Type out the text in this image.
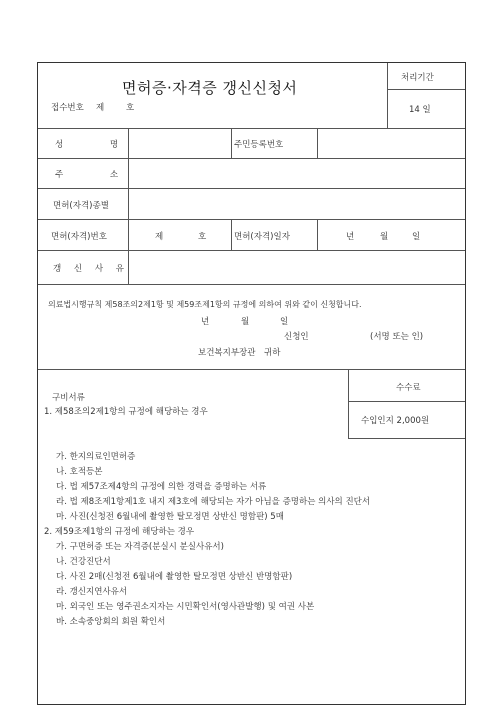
면허증·자격증 갱신신청서
접수번호 제	호
처리기간
14 일
성 명	주민등록번호
주 소
면허(자격)종별
면허(자격)번호	제	호	면허(자격)일자	년	월	일
갱 신 사 유
의료법시행규칙 제58조의2제1항 및 제59조제1항의 규정에 의하여 위와 같이 신청합니다.
년	월	일
신청인	(서명 또는 인)
보건복지부장관 귀하
수수료
수입인지 2,000원
구비서류
1. 제58조의2제1항의 규정에 해당하는 경우
가. 한지의료인면허증
나. 호적등본
다. 법 제57조제4항의 규정에 의한 경력을 증명하는 서류
라. 법 제8조제1항제1호 내지 제3호에 해당되는 자가 아님을 증명하는 의사의 진단서
마. 사진(신청전 6월내에 촬영한 탈모정면 상반신 명함판) 5매
2. 제59조제1항의 규정에 해당하는 경우
가. 구면허증 또는 자격증(분실시 분실사유서)
나. 건강진단서
다. 사진 2매(신청전 6월내에 촬영한 탈모정면 상반신 반명함판)
라. 갱신지연사유서
마. 외국인 또는 영주권소지자는 시민확인서(영사관발행) 및 여권 사본
바. 소속중앙회의 회원 확인서
